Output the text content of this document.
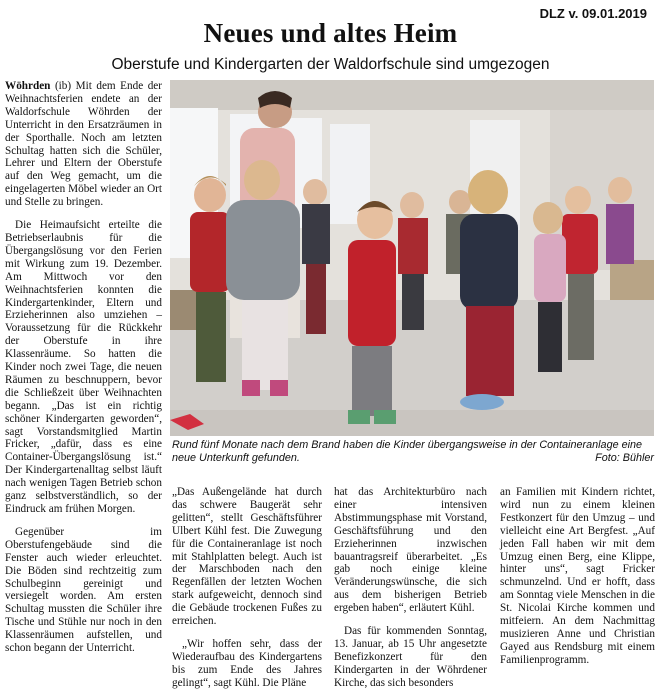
DLZ v. 09.01.2019
Neues und altes Heim
Oberstufe und Kindergarten der Waldorfschule sind umgezogen

Wöhrden (ib) Mit dem Ende der Weihnachtsferien endete an der Waldorfschule Wöhrden der Unterricht in den Ersatzräumen in der Sporthalle. Noch am letzten Schultag hatten sich die Schüler, Lehrer und Eltern der Oberstufe auf den Weg gemacht, um die eingelagerten Möbel wieder an Ort und Stelle zu bringen.

Die Heimaufsicht erteilte die Betriebserlaubnis für die Übergangslösung vor den Ferien mit Wirkung zum 19. Dezember. Am Mittwoch vor den Weihnachtsferien konnten die Kindergartenkinder, Eltern und Erzieherinnen also umziehen – Voraussetzung für die Rückkehr der Oberstufe in ihre Klassenräume. So hatten die Kinder noch zwei Tage, die neuen Räumen zu beschnuppern, bevor die Schließzeit über Weihnachten begann. „Das ist ein richtig schöner Kindergarten geworden“, sagt Vorstandsmitglied Martin Fricker, „dafür, dass es eine Container-Übergangslösung ist.“ Der Kindergartenalltag selbst läuft nach wenigen Tagen Betrieb schon ganz selbstverständlich, so der Eindruck am frühen Morgen.

Gegenüber im Oberstufengebäude sind die Fenster auch wieder erleuchtet. Die Böden sind rechtzeitig zum Schulbeginn gereinigt und versiegelt worden. Am ersten Schultag mussten die Schüler ihre Tische und Stühle nur noch in den Klassenräumen aufstellen, und schon begann der Unterricht.

Rund fünf Monate nach dem Brand haben die Kinder übergangsweise in der Containeranlage eine neue Unterkunft gefunden.	Foto: Bühler

„Das Außengelände hat durch das schwere Baugerät sehr gelitten“, stellt Geschäftsführer Ulbert Kühl fest. Die Zuwegung für die Containeranlage ist noch mit Stahlplatten belegt. Auch ist der Marschboden nach den Regenfällen der letzten Wochen stark aufgeweicht, dennoch sind die Gebäude trockenen Fußes zu erreichen.

„Wir hoffen sehr, dass der Wiederaufbau des Kindergartens bis zum Ende des Jahres gelingt“, sagt Kühl. Die Pläne

hat das Architekturbüro nach einer intensiven Abstimmungsphase mit Vorstand, Geschäftsführung und den Erzieherinnen inzwischen bauantragsreif überarbeitet. „Es gab noch einige kleine Veränderungswünsche, die sich aus dem bisherigen Betrieb ergeben haben“, erläutert Kühl.

Das für kommenden Sonntag, 13. Januar, ab 15 Uhr angesetzte Benefizkonzert für den Kindergarten in der Wöhrdener Kirche, das sich besonders

an Familien mit Kindern richtet, wird nun zu einem kleinen Festkonzert für den Umzug – und vielleicht eine Art Bergfest. „Auf jeden Fall haben wir mit dem Umzug einen Berg, eine Klippe, hinter uns“, sagt Fricker schmunzelnd. Und er hofft, dass am Sonntag viele Menschen in die St. Nicolai Kirche kommen und mitfeiern. An dem Nachmittag musizieren Anne und Christian Gayed aus Rendsburg mit einem Familienprogramm.
